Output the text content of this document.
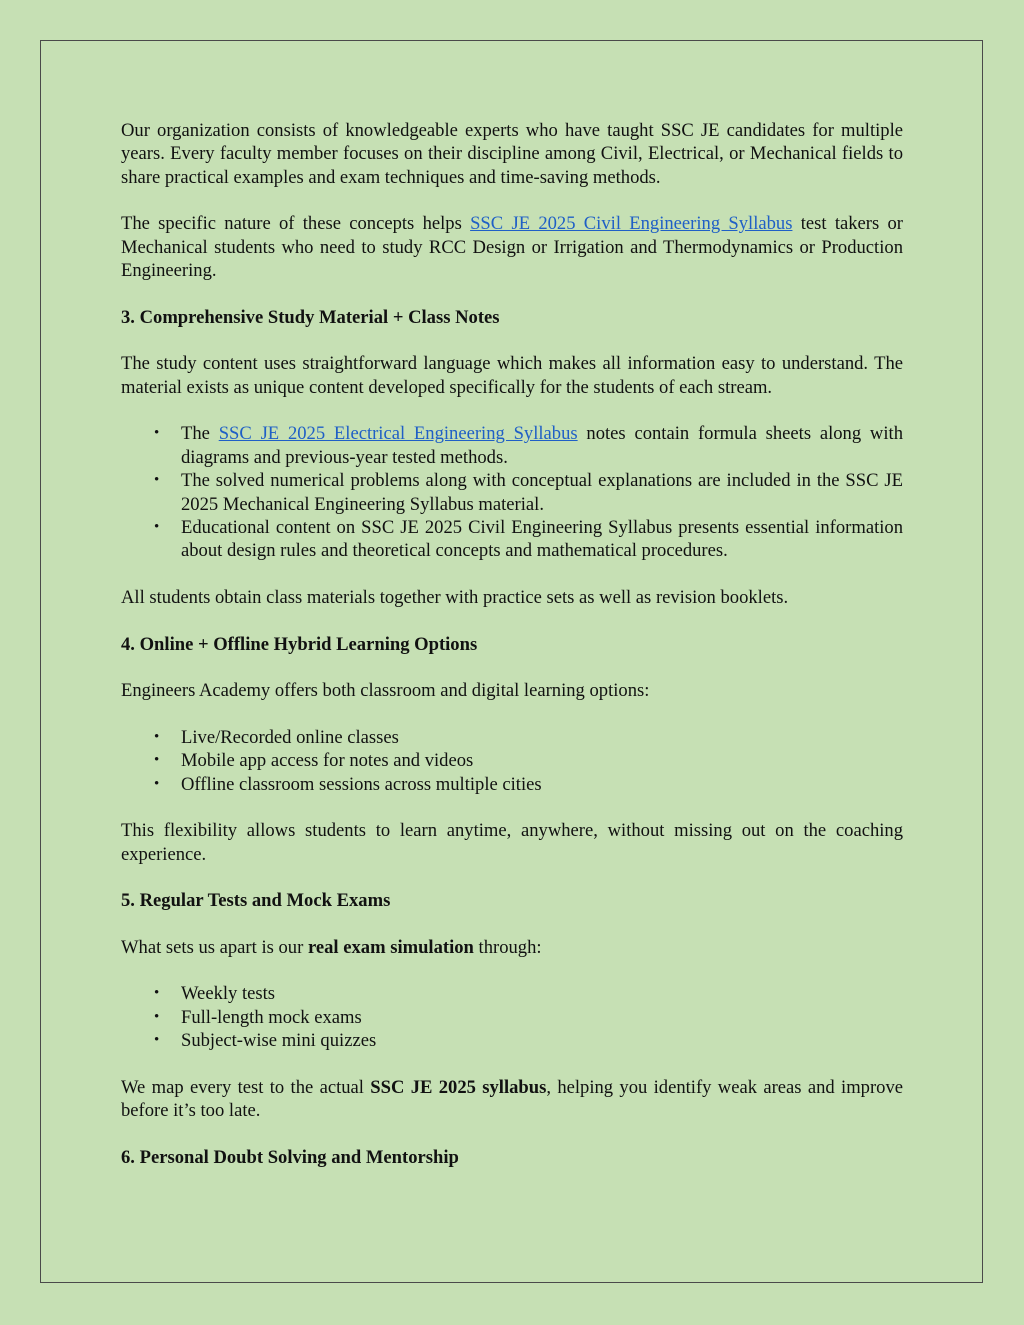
Our organization consists of knowledgeable experts who have taught SSC JE candidates for multiple years. Every faculty member focuses on their discipline among Civil, Electrical, or Mechanical fields to share practical examples and exam techniques and time-saving methods.

The specific nature of these concepts helps SSC JE 2025 Civil Engineering Syllabus test takers or Mechanical students who need to study RCC Design or Irrigation and Thermodynamics or Production Engineering.

3. Comprehensive Study Material + Class Notes

The study content uses straightforward language which makes all information easy to understand. The material exists as unique content developed specifically for the students of each stream.

• The SSC JE 2025 Electrical Engineering Syllabus notes contain formula sheets along with diagrams and previous-year tested methods.
• The solved numerical problems along with conceptual explanations are included in the SSC JE 2025 Mechanical Engineering Syllabus material.
• Educational content on SSC JE 2025 Civil Engineering Syllabus presents essential information about design rules and theoretical concepts and mathematical procedures.

All students obtain class materials together with practice sets as well as revision booklets.

4. Online + Offline Hybrid Learning Options

Engineers Academy offers both classroom and digital learning options:

• Live/Recorded online classes
• Mobile app access for notes and videos
• Offline classroom sessions across multiple cities

This flexibility allows students to learn anytime, anywhere, without missing out on the coaching experience.

5. Regular Tests and Mock Exams

What sets us apart is our real exam simulation through:

• Weekly tests
• Full-length mock exams
• Subject-wise mini quizzes

We map every test to the actual SSC JE 2025 syllabus, helping you identify weak areas and improve before it’s too late.

6. Personal Doubt Solving and Mentorship
